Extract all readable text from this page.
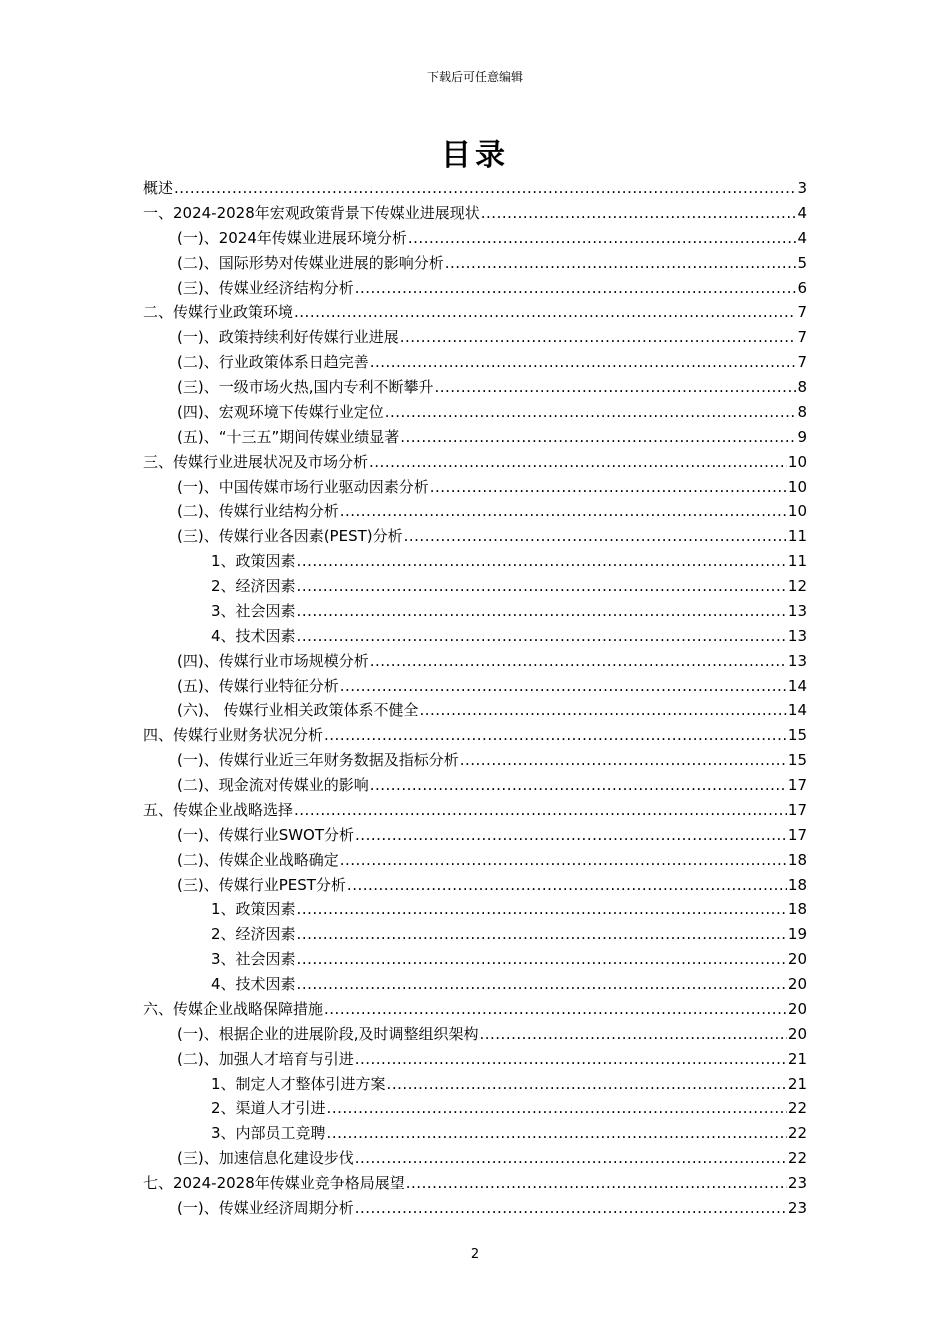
下载后可任意编辑
目录
概述 .....	3
一、2024-2028年宏观政策背景下传媒业进展现状 .....	4
(一)、2024年传媒业进展环境分析 .....	4
(二)、国际形势对传媒业进展的影响分析 .....	5
(三)、传媒业经济结构分析 .....	6
二、传媒行业政策环境 .....	7
(一)、政策持续利好传媒行业进展 .....	7
(二)、行业政策体系日趋完善 .....	7
(三)、一级市场火热,国内专利不断攀升 .....	8
(四)、宏观环境下传媒行业定位 .....	8
(五)、“十三五”期间传媒业绩显著 .....	9
三、传媒行业进展状况及市场分析 .....	10
(一)、中国传媒市场行业驱动因素分析 .....	10
(二)、传媒行业结构分析 .....	10
(三)、传媒行业各因素(PEST)分析 .....	11
1、政策因素 .....	11
2、经济因素 .....	12
3、社会因素 .....	13
4、技术因素 .....	13
(四)、传媒行业市场规模分析 .....	13
(五)、传媒行业特征分析 .....	14
(六)、 传媒行业相关政策体系不健全 .....	14
四、传媒行业财务状况分析 .....	15
(一)、传媒行业近三年财务数据及指标分析 .....	15
(二)、现金流对传媒业的影响 .....	17
五、传媒企业战略选择 .....	17
(一)、传媒行业SWOT分析 .....	17
(二)、传媒企业战略确定 .....	18
(三)、传媒行业PEST分析 .....	18
1、政策因素 .....	18
2、经济因素 .....	19
3、社会因素 .....	20
4、技术因素 .....	20
六、传媒企业战略保障措施 .....	20
(一)、根据企业的进展阶段,及时调整组织架构 .....	20
(二)、加强人才培育与引进 .....	21
1、制定人才整体引进方案 .....	21
2、渠道人才引进 .....	22
3、内部员工竞聘 .....	22
(三)、加速信息化建设步伐 .....	22
七、2024-2028年传媒业竞争格局展望 .....	23
(一)、传媒业经济周期分析 .....	23
2
